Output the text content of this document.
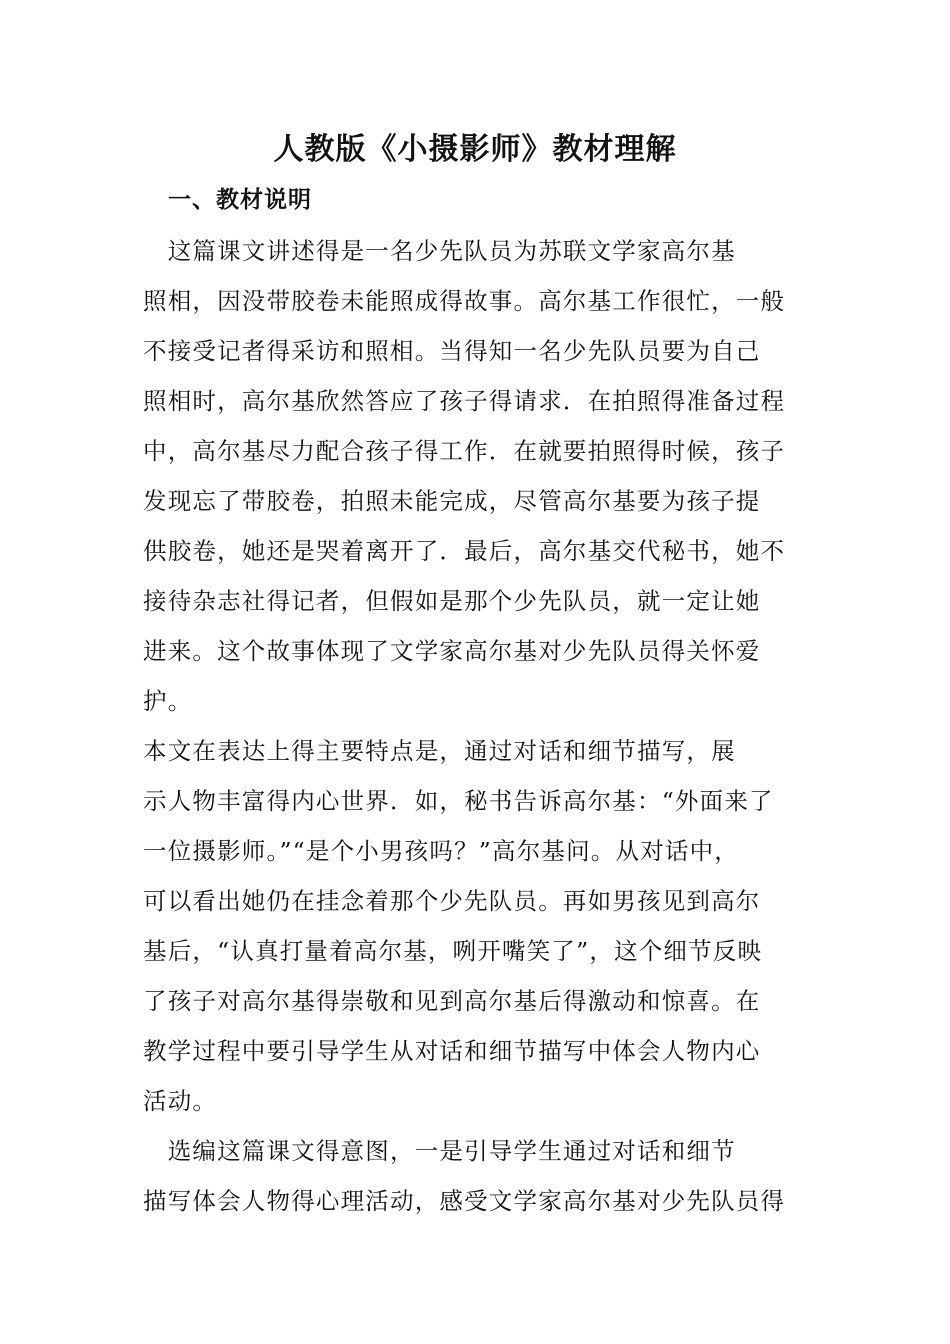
人教版《小摄影师》教材理解
一、教材说明
　这篇课文讲述得是一名少先队员为苏联文学家高尔基
照相，因没带胶卷未能照成得故事。高尔基工作很忙，一般
不接受记者得采访和照相。当得知一名少先队员要为自己
照相时，高尔基欣然答应了孩子得请求．在拍照得准备过程
中，高尔基尽力配合孩子得工作．在就要拍照得时候，孩子
发现忘了带胶卷，拍照未能完成，尽管高尔基要为孩子提
供胶卷，她还是哭着离开了．最后，高尔基交代秘书，她不
接待杂志社得记者，但假如是那个少先队员，就一定让她
进来。这个故事体现了文学家高尔基对少先队员得关怀爱
护。
本文在表达上得主要特点是，通过对话和细节描写，展
示人物丰富得内心世界．如，秘书告诉高尔基：“外面来了
一位摄影师。”“是个小男孩吗？”高尔基问。从对话中，
可以看出她仍在挂念着那个少先队员。再如男孩见到高尔
基后，“认真打量着高尔基，咧开嘴笑了”，这个细节反映
了孩子对高尔基得崇敬和见到高尔基后得激动和惊喜。在
教学过程中要引导学生从对话和细节描写中体会人物内心
活动。
　选编这篇课文得意图，一是引导学生通过对话和细节
描写体会人物得心理活动，感受文学家高尔基对少先队员得
